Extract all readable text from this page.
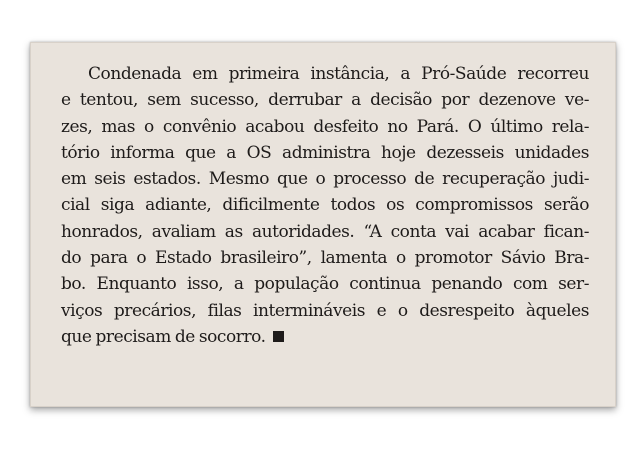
Condenada em primeira instância, a Pró-Saúde recorreu
e tentou, sem sucesso, derrubar a decisão por dezenove ve-
zes, mas o convênio acabou desfeito no Pará. O último rela-
tório informa que a OS administra hoje dezesseis unidades
em seis estados. Mesmo que o processo de recuperação judi-
cial siga adiante, dificilmente todos os compromissos serão
honrados, avaliam as autoridades. “A conta vai acabar fican-
do para o Estado brasileiro”, lamenta o promotor Sávio Bra-
bo. Enquanto isso, a população continua penando com ser-
viços precários, filas intermináveis e o desrespeito àqueles
que precisam de socorro.
